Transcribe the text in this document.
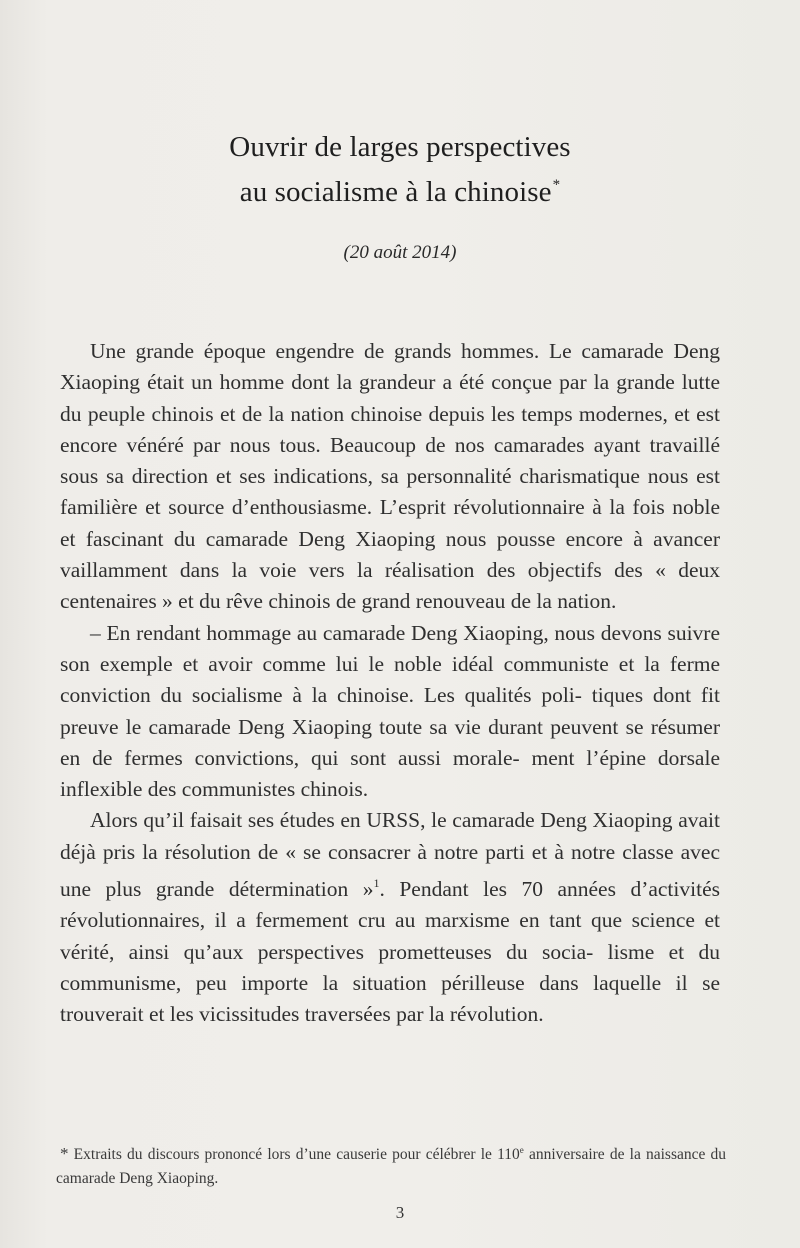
Ouvrir de larges perspectives
au socialisme à la chinoise*
(20 août 2014)

Une grande époque engendre de grands hommes. Le camarade Deng Xiaoping était un homme dont la grandeur a été conçue par la grande lutte du peuple chinois et de la nation chinoise depuis les temps modernes, et est encore vénéré par nous tous. Beaucoup de nos camarades ayant travaillé sous sa direction et ses indications, sa personnalité charismatique nous est familière et source d’enthousiasme. L’esprit révolutionnaire à la fois noble et fascinant du camarade Deng Xiaoping nous pousse encore à avancer vaillamment dans la voie vers la réalisation des objectifs des « deux centenaires » et du rêve chinois de grand renouveau de la nation.

– En rendant hommage au camarade Deng Xiaoping, nous devons suivre son exemple et avoir comme lui le noble idéal communiste et la ferme conviction du socialisme à la chinoise. Les qualités poli- tiques dont fit preuve le camarade Deng Xiaoping toute sa vie durant peuvent se résumer en de fermes convictions, qui sont aussi morale- ment l’épine dorsale inflexible des communistes chinois.

Alors qu’il faisait ses études en URSS, le camarade Deng Xiaoping avait déjà pris la résolution de « se consacrer à notre parti et à notre classe avec une plus grande détermination »$^1$. Pendant les 70 années d’activités révolutionnaires, il a fermement cru au marxisme en tant que science et vérité, ainsi qu’aux perspectives prometteuses du socia- lisme et du communisme, peu importe la situation périlleuse dans laquelle il se trouverait et les vicissitudes traversées par la révolution.

* Extraits du discours prononcé lors d’une causerie pour célébrer le 110e anniversaire de la naissance du camarade Deng Xiaoping.
3
